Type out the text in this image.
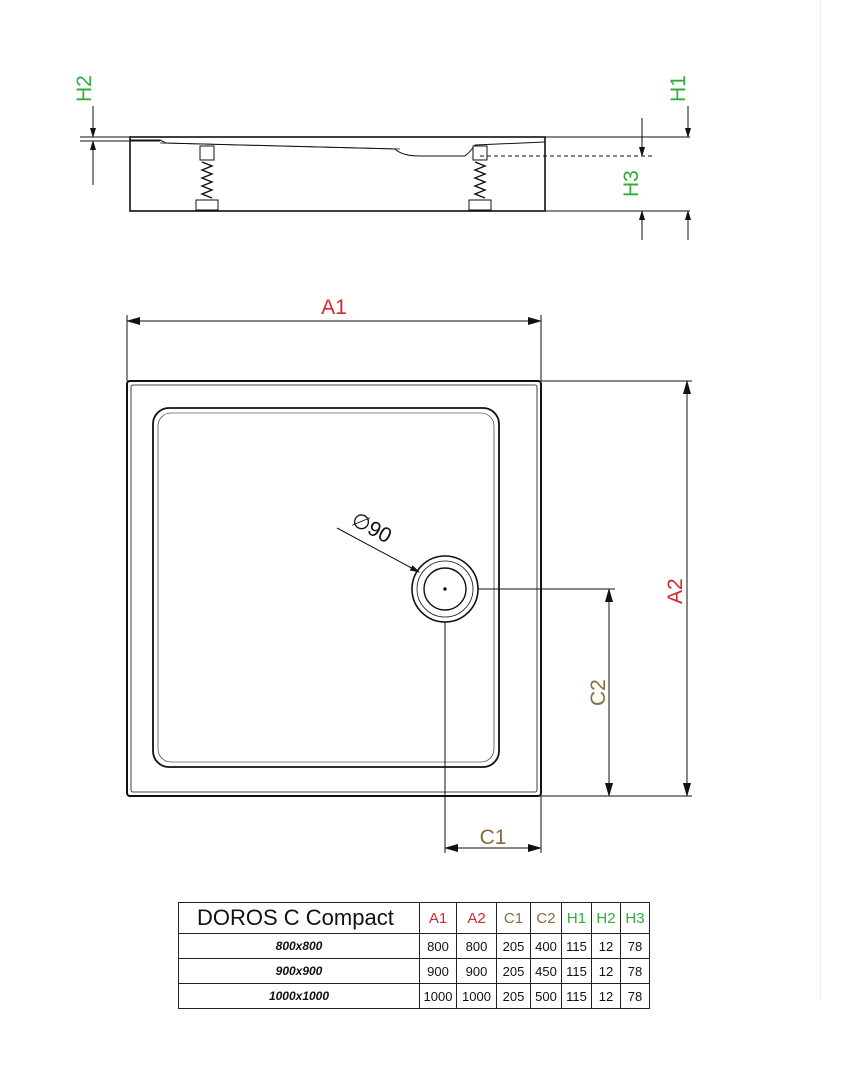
H2	H1
H3
A1
A2
C2
C1
∅90
DOROS C Compact	A1	A2	C1	C2	H1	H2	H3
800x800	800	800	205	400	115	12	78
900x900	900	900	205	450	115	12	78
1000x1000	1000	1000	205	500	115	12	78
